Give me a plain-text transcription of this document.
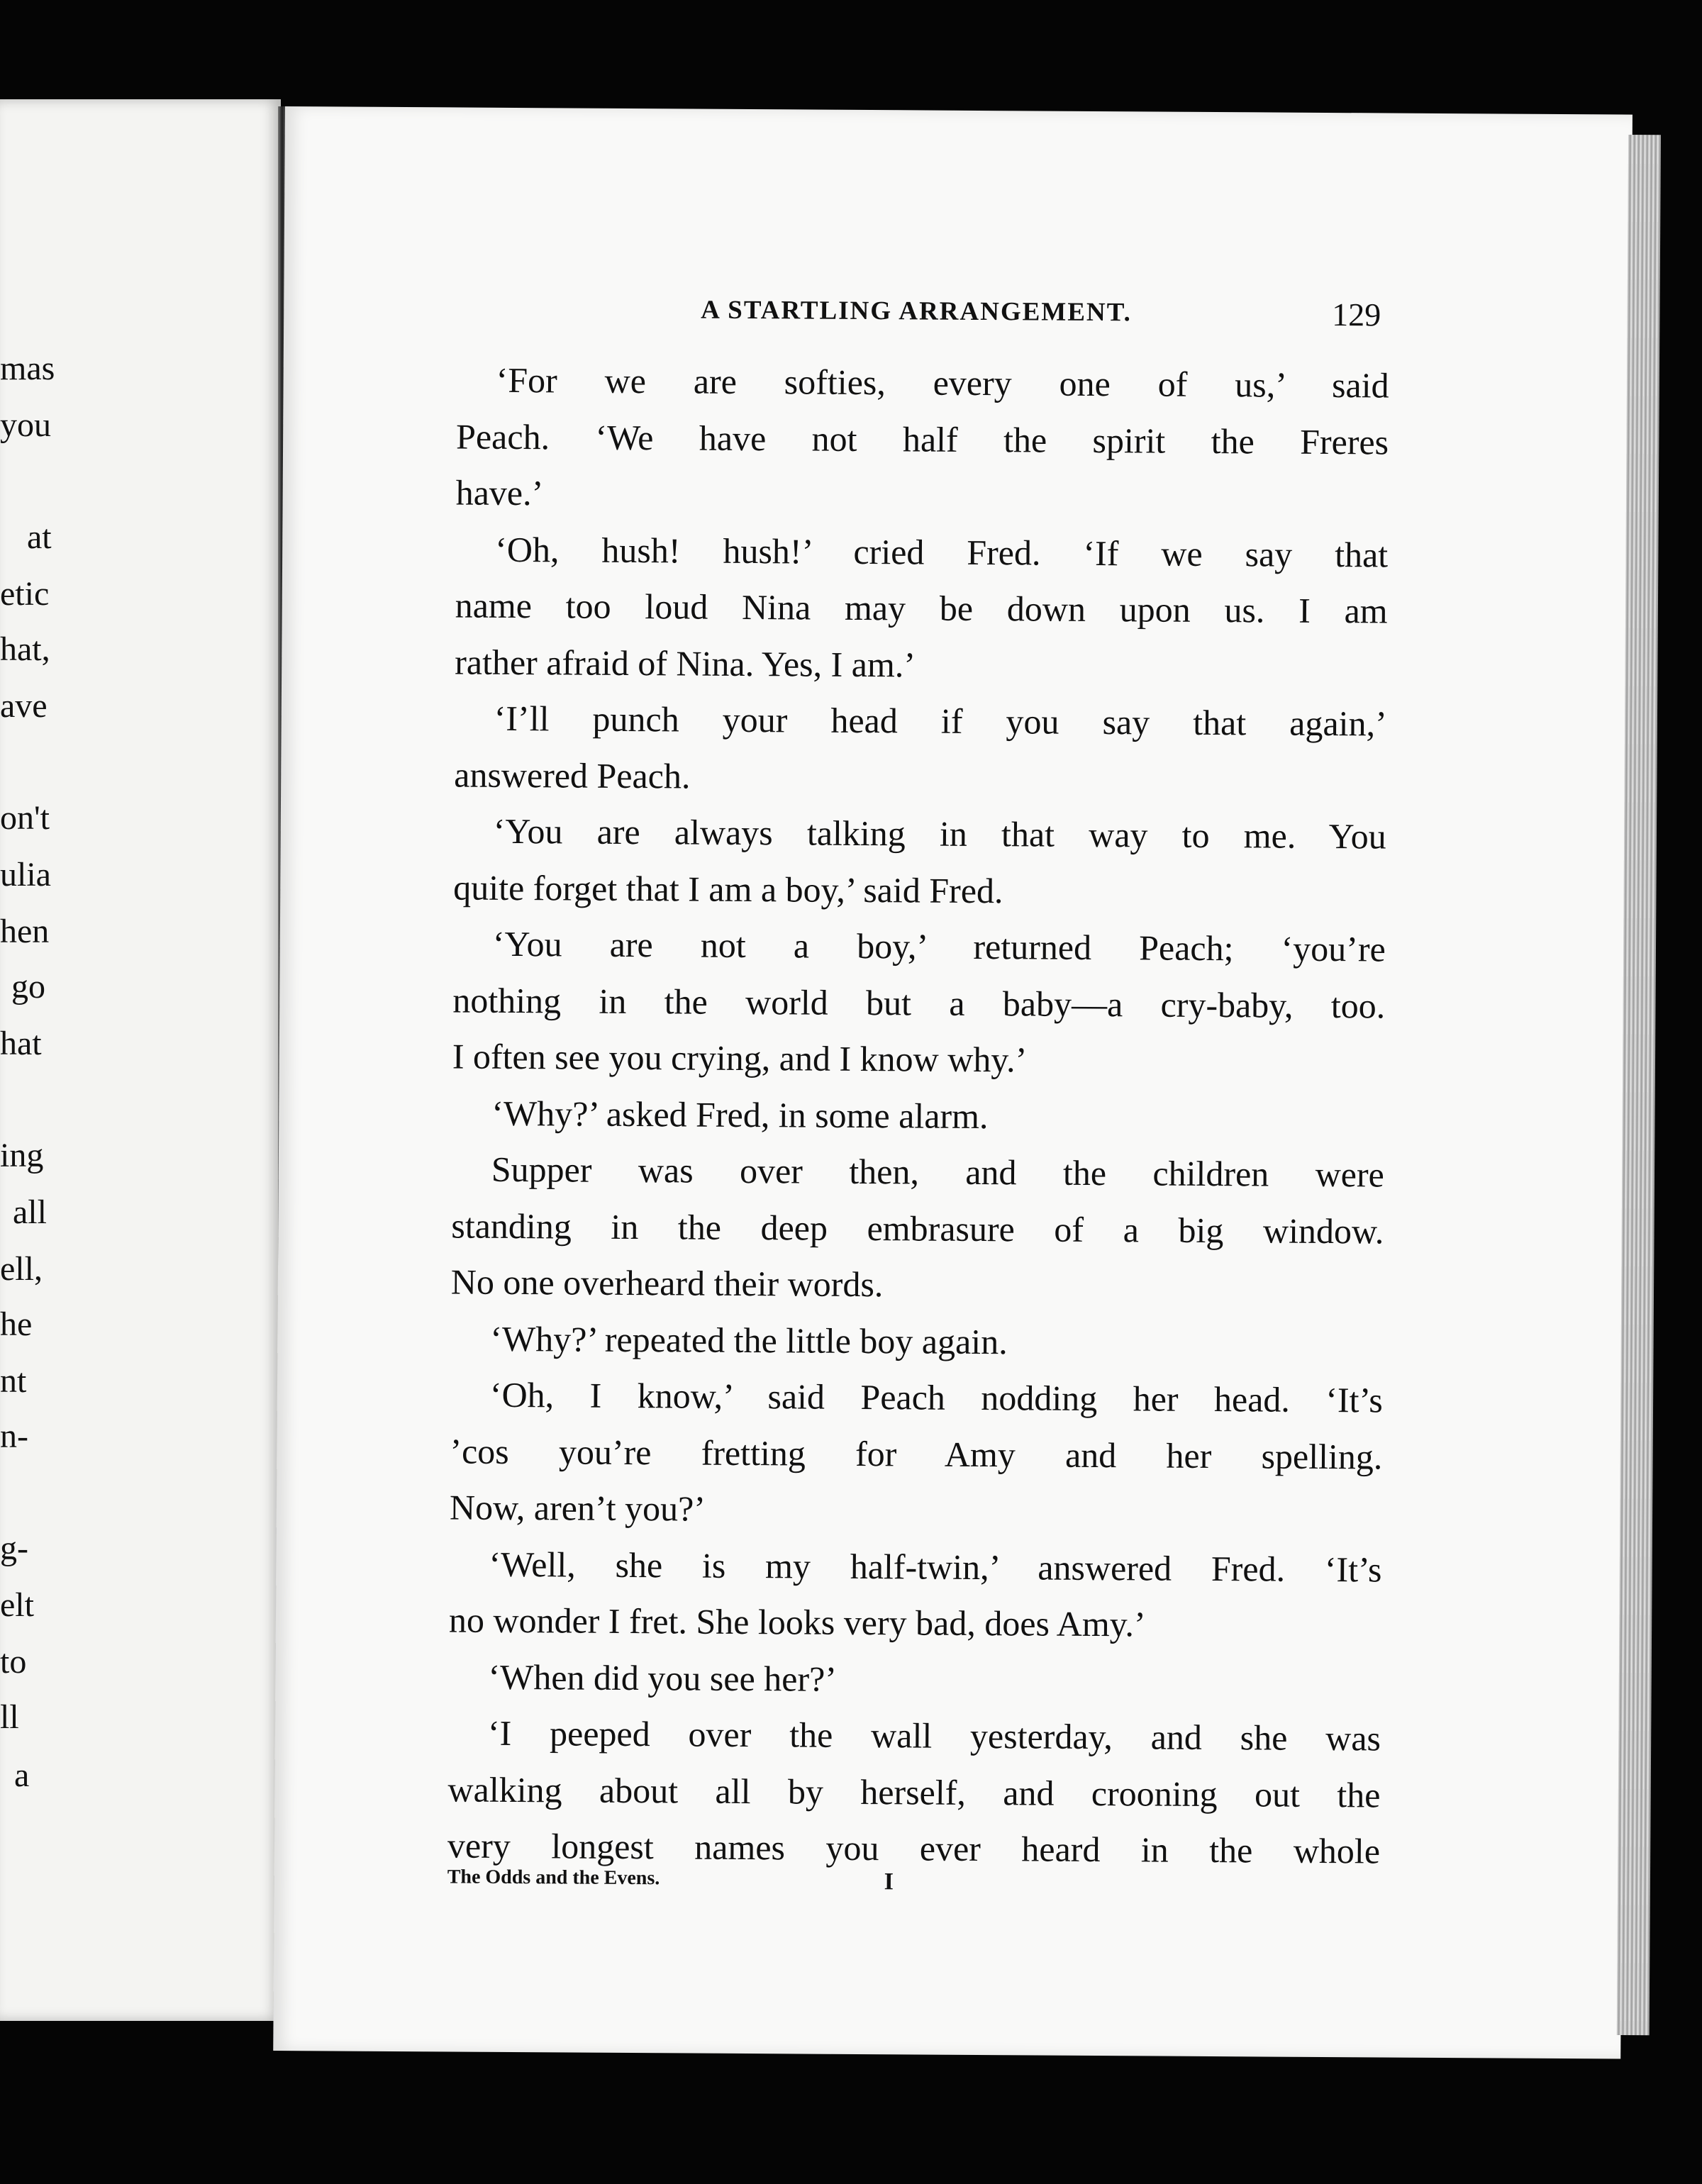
mas
you
at
etic
hat,
ave
on't
ulia
hen
go
hat
ing
all
ell,
he
nt
n-
g-
elt
to
ll
a
A STARTLING ARRANGEMENT.	129
‘For we are softies, every one of us,’ said
Peach. ‘We have not half the spirit the Freres
have.’
‘Oh, hush! hush!’ cried Fred. ‘If we say that
name too loud Nina may be down upon us. I am
rather afraid of Nina. Yes, I am.’
‘I’ll punch your head if you say that again,’
answered Peach.
‘You are always talking in that way to me. You
quite forget that I am a boy,’ said Fred.
‘You are not a boy,’ returned Peach; ‘you’re
nothing in the world but a baby—a cry-baby, too.
I often see you crying, and I know why.’
‘Why?’ asked Fred, in some alarm.
Supper was over then, and the children were
standing in the deep embrasure of a big window.
No one overheard their words.
‘Why?’ repeated the little boy again.
‘Oh, I know,’ said Peach nodding her head. ‘It’s
’cos you’re fretting for Amy and her spelling.
Now, aren’t you?’
‘Well, she is my half-twin,’ answered Fred. ‘It’s
no wonder I fret. She looks very bad, does Amy.’
‘When did you see her?’
‘I peeped over the wall yesterday, and she was
walking about all by herself, and crooning out the
very longest names you ever heard in the whole
The Odds and the Evens.	I
